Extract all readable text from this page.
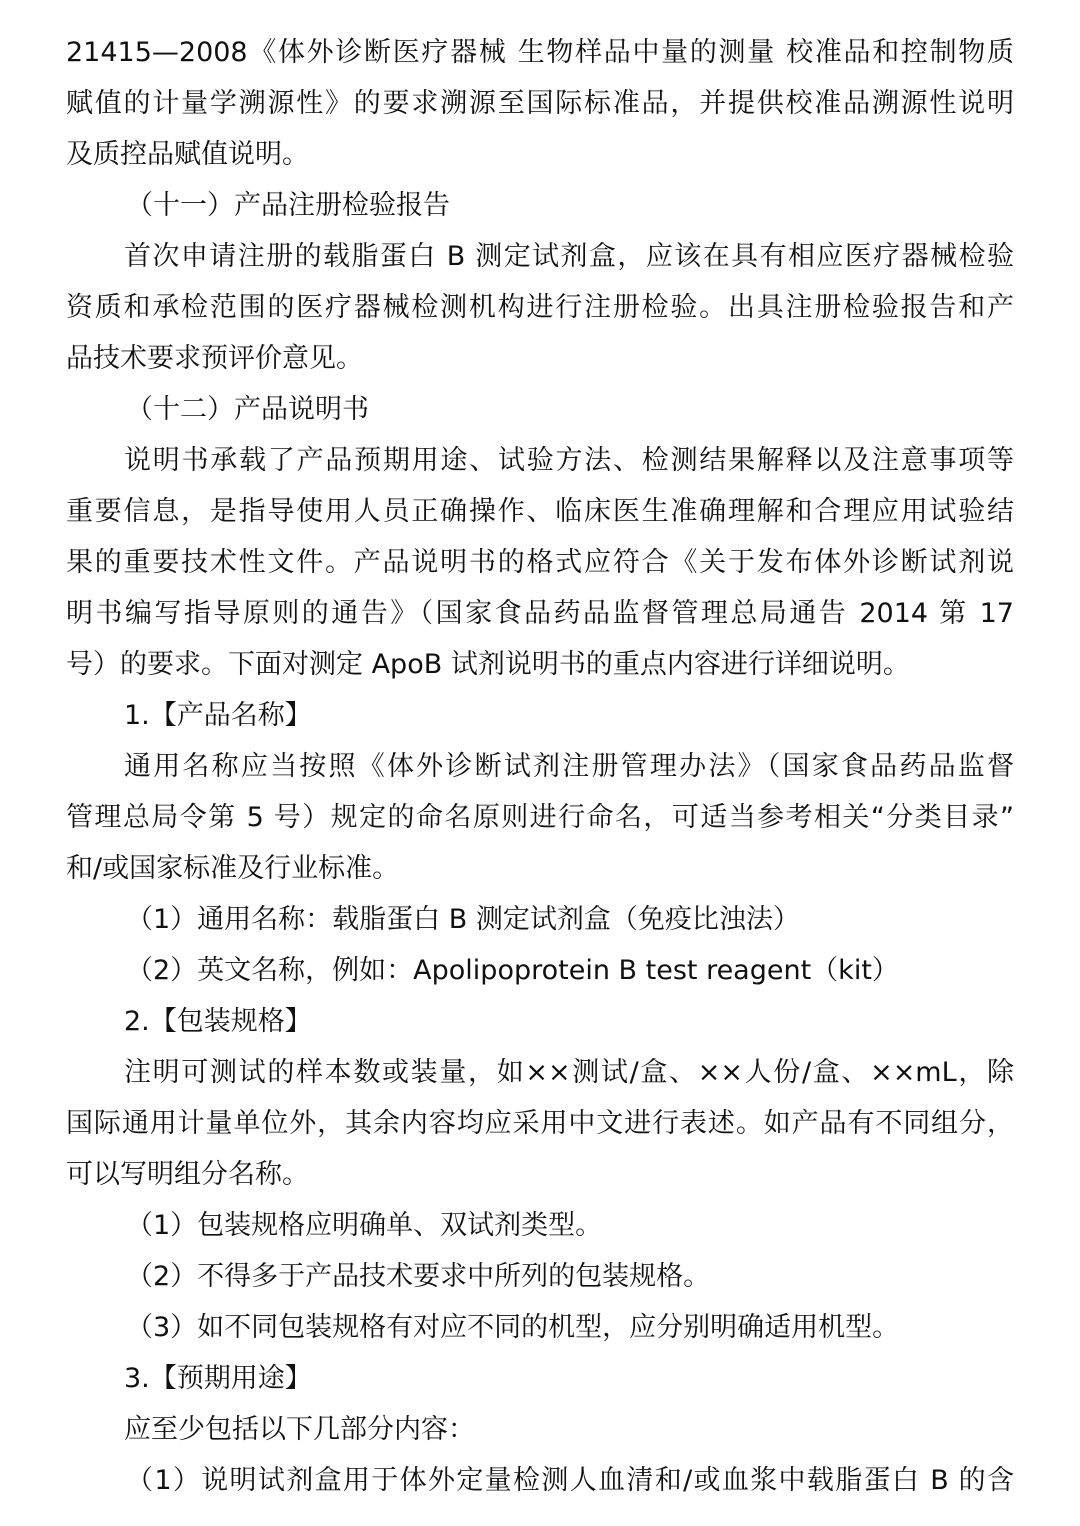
21415—2008《体外诊断医疗器械 生物样品中量的测量 校准品和控制物质
赋值的计量学溯源性》的要求溯源至国际标准品，并提供校准品溯源性说明
及质控品赋值说明。
（十一）产品注册检验报告
首次申请注册的载脂蛋白 B 测定试剂盒，应该在具有相应医疗器械检验
资质和承检范围的医疗器械检测机构进行注册检验。出具注册检验报告和产
品技术要求预评价意见。
（十二）产品说明书
说明书承载了产品预期用途、试验方法、检测结果解释以及注意事项等
重要信息，是指导使用人员正确操作、临床医生准确理解和合理应用试验结
果的重要技术性文件。产品说明书的格式应符合《关于发布体外诊断试剂说
明书编写指导原则的通告》（国家食品药品监督管理总局通告 2014 第 17
号）的要求。下面对测定 ApoB 试剂说明书的重点内容进行详细说明。
1.【产品名称】
通用名称应当按照《体外诊断试剂注册管理办法》（国家食品药品监督
管理总局令第 5 号）规定的命名原则进行命名，可适当参考相关“分类目录”
和/或国家标准及行业标准。
（1）通用名称：载脂蛋白 B 测定试剂盒（免疫比浊法）
（2）英文名称，例如：Apolipoprotein B test reagent（kit）
2.【包装规格】
注明可测试的样本数或装量，如××测试/盒、××人份/盒、××mL，除
国际通用计量单位外，其余内容均应采用中文进行表述。如产品有不同组分，
可以写明组分名称。
（1）包装规格应明确单、双试剂类型。
（2）不得多于产品技术要求中所列的包装规格。
（3）如不同包装规格有对应不同的机型，应分别明确适用机型。
3.【预期用途】
应至少包括以下几部分内容：
（1）说明试剂盒用于体外定量检测人血清和/或血浆中载脂蛋白 B 的含
